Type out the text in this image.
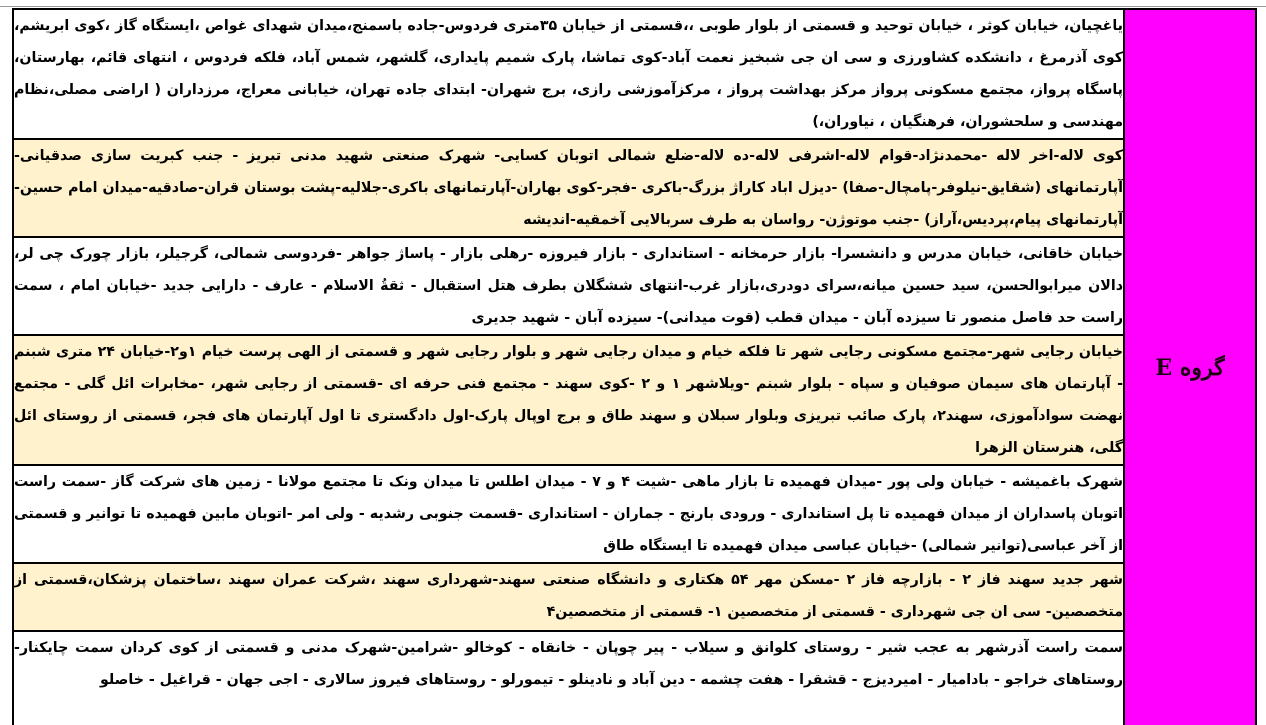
گروه E	یاغچیان، خیابان کوثر ، خیابان توحید و قسمتی از بلوار طوبی ،،قسمتی از خیابان ۳۵متری فردوس-جاده باسمنج،میدان شهدای غواص ،ایستگاه گاز ،کوی ابریشم، کوی آذرمرغ ، دانشکده کشاورزی و سی ان جی شبخیز نعمت آباد-کوی تماشا، پارک شمیم پایداری، گلشهر، شمس آباد، فلکه فردوس ، انتهای قائم، بهارستان، پاسگاه پرواز، مجتمع مسکونی پرواز مرکز بهداشت پرواز ، مرکزآموزشی رازی، برج شهران- ابتدای جاده تهران، خیابانی معراج، مرزداران ( اراضی مصلی،نظام مهندسی و سلحشوران، فرهنگیان ، نیاوران،)
کوی لاله-اخر لاله -محمدنژاد-قوام لاله-اشرفی لاله-ده لاله-ضلع شمالی اتوبان کسایی- شهرک صنعتی شهید مدنی تبریز - جنب کبریت سازی صدقیانی-آپارتمانهای (شقایق-نیلوفر-پامچال-صفا) -دیزل اباد کاراژ بزرگ-باکری -فجر-کوی بهاران-آپارتمانهای باکری-جلالیه-پشت بوستان قران-صادقیه-میدان امام حسین-آپارتمانهای پیام،پردیس،آراز) -جنب موتوژن- رواسان به طرف سربالایی آخمقیه-اندیشه
خیابان خاقانی، خیابان مدرس و دانشسرا- بازار حرمخانه - استانداری - بازار فیروزه -رهلی بازار - پاساژ جواهر -فردوسی شمالی، گرجیلر، بازار چورک چی لر، دالان میرابوالحسن، سید حسین میانه،سرای دودری،بازار غرب-انتهای ششگلان بطرف هتل استقبال - ثقةُ الاسلام - عارف - دارایی جدید -خیابان امام ، سمت راست حد فاصل منصور تا سیزده آبان - میدان قطب (قوت میدانی)- سیزده آبان - شهید جدیری
خیابان رجایی شهر-مجتمع مسکونی رجایی شهر تا فلکه خیام و میدان رجایی شهر و بلوار رجایی شهر و قسمتی از الهی پرست خیام ۱و۲-خیابان ۲۴ متری شبنم - آپارتمان های سیمان صوفیان و سپاه - بلوار شبنم -ویلاشهر ۱ و ۲ -کوی سهند - مجتمع فنی حرفه ای -قسمتی از رجایی شهر، -مخابرات ائل گلی - مجتمع نهضت سوادآموزی، سهند۲، پارک صائب تبریزی وبلوار سبلان و سهند طاق و برج اوپال پارک-اول دادگستری تا اول آپارتمان های فجر، قسمتی از روستای ائل گلی، هنرستان الزهرا
شهرک باغمیشه - خیابان ولی پور -میدان فهمیده تا بازار ماهی -شیت ۴ و ۷ - میدان اطلس تا میدان ونک تا مجتمع مولانا - زمین های شرکت گاز -سمت راست اتوبان پاسداران از میدان فهمیده تا پل استانداری - ورودی بارنج - جماران - استانداری -قسمت جنوبی رشدیه - ولی امر -اتوبان مابین فهمیده تا توانیر و قسمتی از آخر عباسی(توانیر شمالی) -خیابان عباسی میدان فهمیده تا ایستگاه طاق
شهر جدید سهند فاز ۲ - بازارچه فاز ۲ -مسکن مهر ۵۴ هکتاری و دانشگاه صنعتی سهند-شهرداری سهند ،شرکت عمران سهند ،ساختمان پزشکان،قسمتی از متخصصین- سی ان جی شهرداری - قسمتی از متخصصین ۱- قسمتی از متخصصین۴
سمت راست آذرشهر به عجب شیر - روستای کلوانق و سیلاب - پیر چوپان - خانقاه - کوخالو -شرامین-شهرک مدنی و قسمتی از کوی کردان سمت چایکنار- روستاهای خراجو - بادامیار - امیردیزج - قشقرا - هفت چشمه - دین آباد و نادینلو - تیمورلو - روستاهای فیروز سالاری - اجی جهان - قراغیل - خاصلو
